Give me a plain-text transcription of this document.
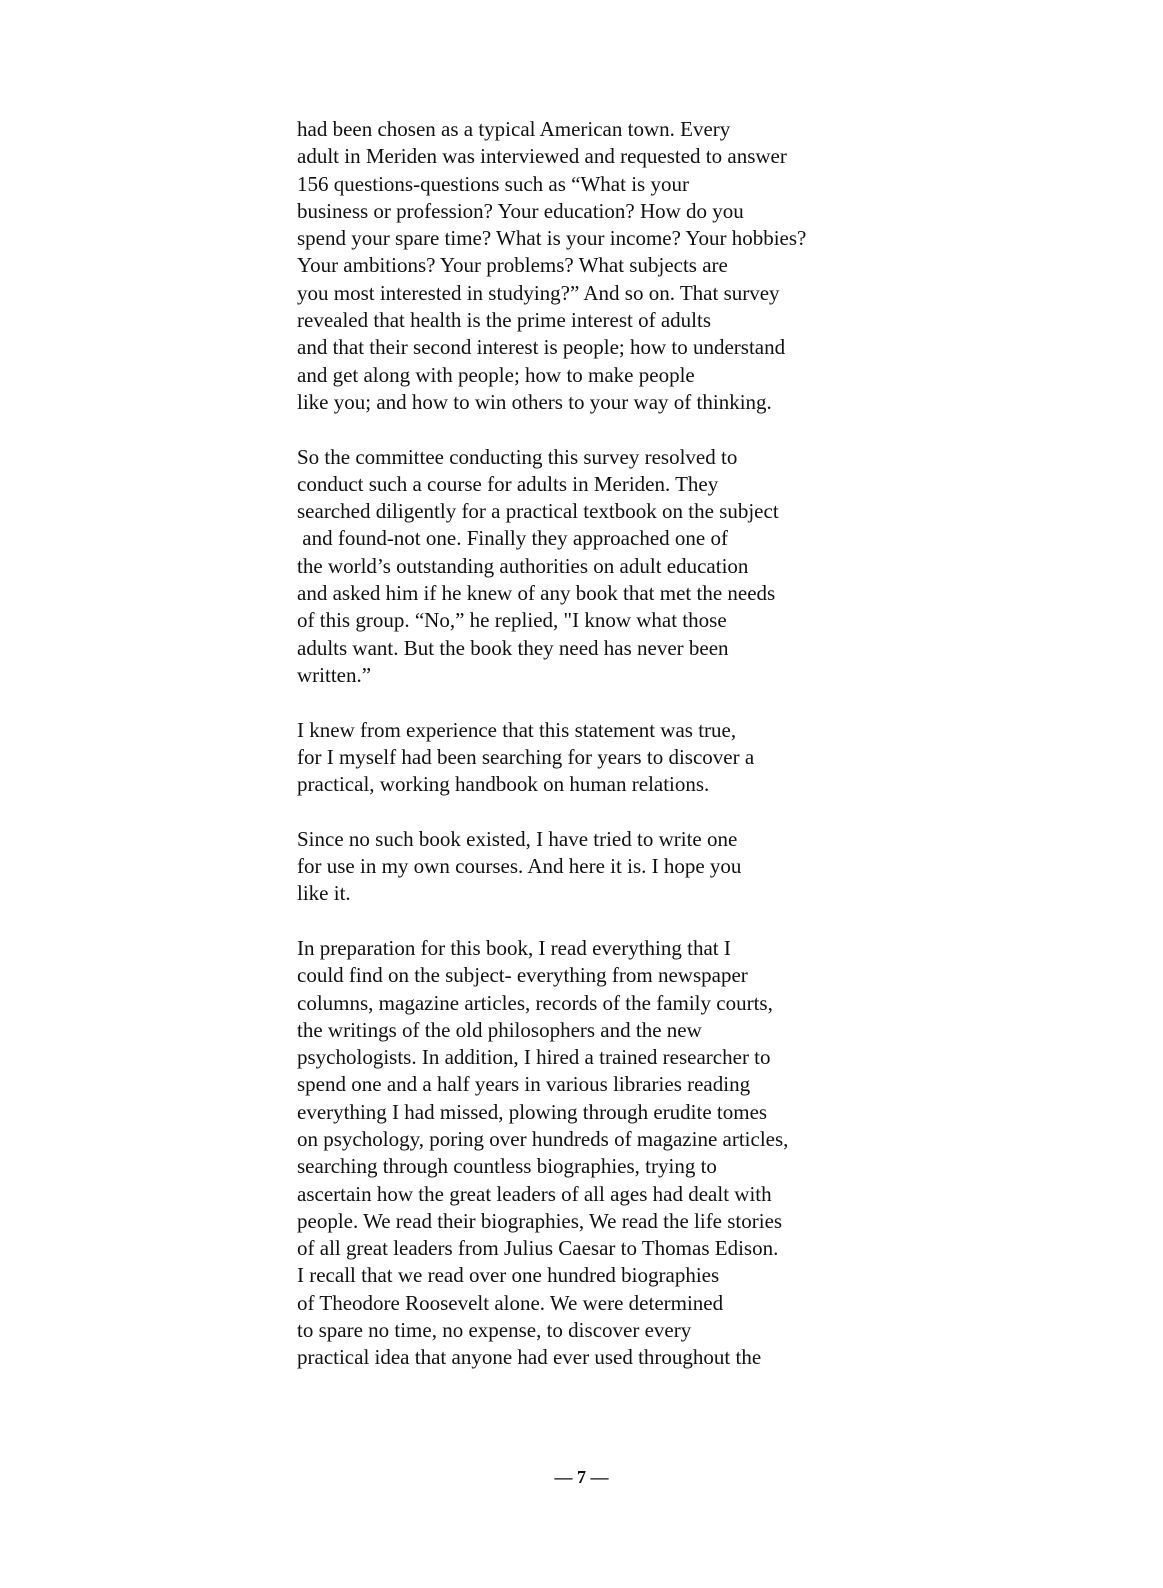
had been chosen as a typical American town. Every
adult in Meriden was interviewed and requested to answer
156 questions-questions such as “What is your
business or profession? Your education? How do you
spend your spare time? What is your income? Your hobbies?
Your ambitions? Your problems? What subjects are
you most interested in studying?” And so on. That survey
revealed that health is the prime interest of adults
and that their second interest is people; how to understand
and get along with people; how to make people
like you; and how to win others to your way of thinking.

So the committee conducting this survey resolved to
conduct such a course for adults in Meriden. They
searched diligently for a practical textbook on the subject
and found-not one. Finally they approached one of
the world’s outstanding authorities on adult education
and asked him if he knew of any book that met the needs
of this group. “No,” he replied, "I know what those
adults want. But the book they need has never been
written.”

I knew from experience that this statement was true,
for I myself had been searching for years to discover a
practical, working handbook on human relations.

Since no such book existed, I have tried to write one
for use in my own courses. And here it is. I hope you
like it.

In preparation for this book, I read everything that I
could find on the subject- everything from newspaper
columns, magazine articles, records of the family courts,
the writings of the old philosophers and the new
psychologists. In addition, I hired a trained researcher to
spend one and a half years in various libraries reading
everything I had missed, plowing through erudite tomes
on psychology, poring over hundreds of magazine articles,
searching through countless biographies, trying to
ascertain how the great leaders of all ages had dealt with
people. We read their biographies, We read the life stories
of all great leaders from Julius Caesar to Thomas Edison.
I recall that we read over one hundred biographies
of Theodore Roosevelt alone. We were determined
to spare no time, no expense, to discover every
practical idea that anyone had ever used throughout the

— 7 —
